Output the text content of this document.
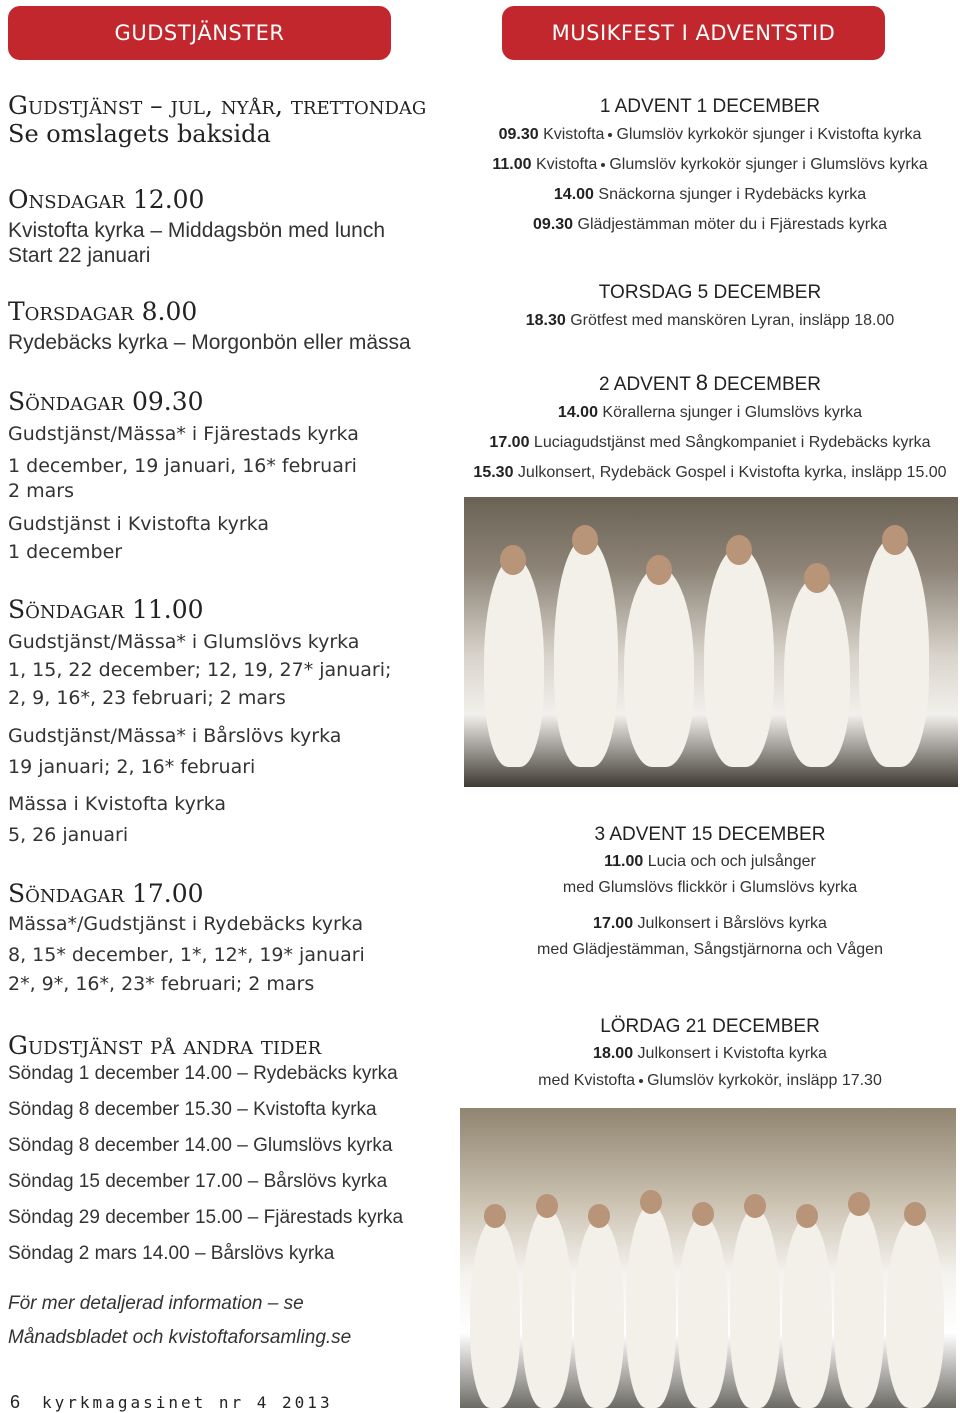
GUDSTJÄNSTER	MUSIKFEST I ADVENTSTID
Gudstjänst – jul, nyår, trettondag
Se omslagets baksida
Onsdagar 12.00
Kvistofta kyrka – Middagsbön med lunch
Start 22 januari
Torsdagar 8.00
Rydebäcks kyrka – Morgonbön eller mässa
Söndagar 09.30
Gudstjänst/Mässa* i Fjärestads kyrka
1 december, 19 januari, 16* februari
2 mars
Gudstjänst i Kvistofta kyrka
1 december
Söndagar 11.00
Gudstjänst/Mässa* i Glumslövs kyrka
1, 15, 22 december; 12, 19, 27* januari;
2, 9, 16*, 23 februari; 2 mars
Gudstjänst/Mässa* i Bårslövs kyrka
19 januari; 2, 16* februari
Mässa i Kvistofta kyrka
5, 26 januari
Söndagar 17.00
Mässa*/Gudstjänst i Rydebäcks kyrka
8, 15* december, 1*, 12*, 19* januari
2*, 9*, 16*, 23* februari; 2 mars
Gudstjänst på andra tider
Söndag 1 december 14.00 – Rydebäcks kyrka
Söndag 8 december 15.30 – Kvistofta kyrka
Söndag 8 december 14.00 – Glumslövs kyrka
Söndag 15 december 17.00 – Bårslövs kyrka
Söndag 29 december 15.00 – Fjärestads kyrka
Söndag 2 mars 14.00 – Bårslövs kyrka
För mer detaljerad information – se
Månadsbladet och kvistoftaforsamling.se
1 ADVENT 1 DECEMBER
09.30 Kvistofta Glumslöv kyrkokör sjunger i Kvistofta kyrka
11.00 Kvistofta Glumslöv kyrkokör sjunger i Glumslövs kyrka
14.00 Snäckorna sjunger i Rydebäcks kyrka
09.30 Glädjestämman möter du i Fjärestads kyrka
TORSDAG 5 DECEMBER
18.30 Grötfest med manskören Lyran, insläpp 18.00
2 ADVENT 8 DECEMBER
14.00 Körallerna sjunger i Glumslövs kyrka
17.00 Luciagudstjänst med Sångkompaniet i Rydebäcks kyrka
15.30 Julkonsert, Rydebäck Gospel i Kvistofta kyrka, insläpp 15.00
3 ADVENT 15 DECEMBER
11.00 Lucia och och julsånger
med Glumslövs flickkör i Glumslövs kyrka
17.00 Julkonsert i Bårslövs kyrka
med Glädjestämman, Sångstjärnorna och Vågen
LÖRDAG 21 DECEMBER
18.00 Julkonsert i Kvistofta kyrka
med Kvistofta Glumslöv kyrkokör, insläpp 17.30
6 kyrkmagasinet nr 4 2013
